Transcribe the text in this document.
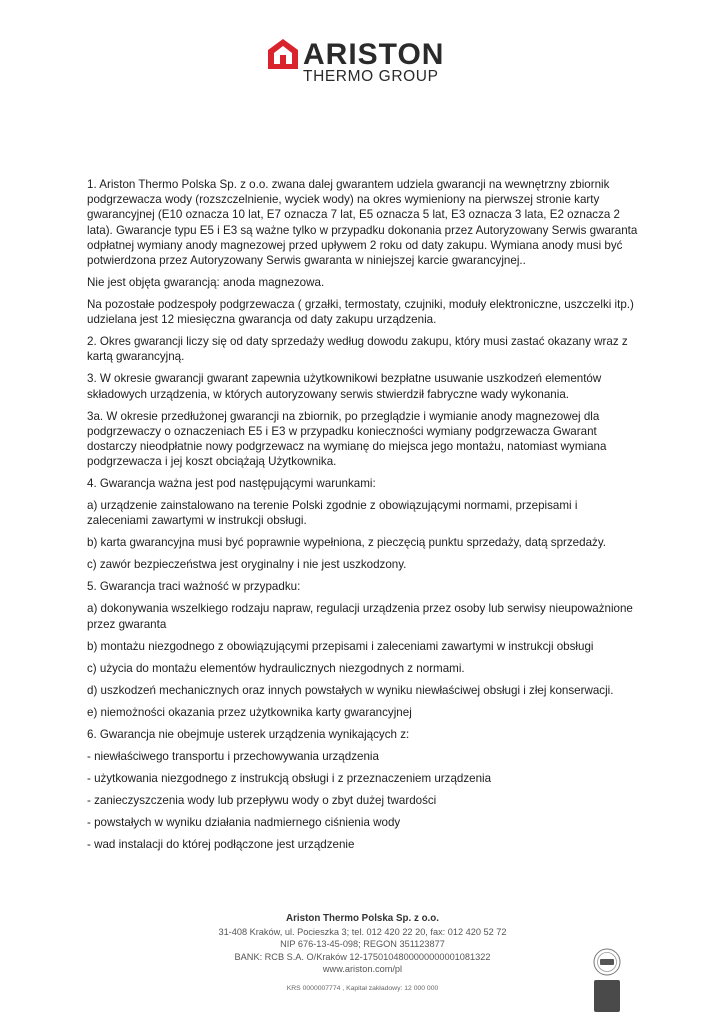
ARISTON
THERMO GROUP

1. Ariston Thermo Polska Sp. z o.o. zwana dalej gwarantem udziela gwarancji na wewnętrzny zbiornik podgrzewacza wody (rozszczelnienie, wyciek wody) na okres wymieniony na pierwszej stronie karty gwarancyjnej (E10 oznacza 10 lat, E7 oznacza 7 lat, E5 oznacza 5 lat, E3 oznacza 3 lata, E2 oznacza 2 lata). Gwarancje typu E5 i E3 są ważne tylko w przypadku dokonania przez Autoryzowany Serwis gwaranta odpłatnej wymiany anody magnezowej przed upływem 2 roku od daty zakupu. Wymiana anody musi być potwierdzona przez Autoryzowany Serwis gwaranta w niniejszej karcie gwarancyjnej..

Nie jest objęta gwarancją: anoda magnezowa.

Na pozostałe podzespoły podgrzewacza ( grzałki, termostaty, czujniki, moduły elektroniczne, uszczelki itp.) udzielana jest 12 miesięczna gwarancja od daty zakupu urządzenia.

2. Okres gwarancji liczy się od daty sprzedaży według dowodu zakupu, który musi zastać okazany wraz z kartą gwarancyjną.

3. W okresie gwarancji gwarant zapewnia użytkownikowi bezpłatne usuwanie uszkodzeń elementów składowych urządzenia, w których autoryzowany serwis stwierdził fabryczne wady wykonania.

3a. W okresie przedłużonej gwarancji na zbiornik, po przeglądzie i wymianie anody magnezowej dla podgrzewaczy o oznaczeniach E5 i E3 w przypadku konieczności wymiany podgrzewacza Gwarant dostarczy nieodpłatnie nowy podgrzewacz na wymianę do miejsca jego montażu, natomiast wymiana podgrzewacza i jej koszt obciążają Użytkownika.

4. Gwarancja ważna jest pod następującymi warunkami:

a) urządzenie zainstalowano na terenie Polski zgodnie z obowiązującymi normami, przepisami i zaleceniami zawartymi w instrukcji obsługi.

b) karta gwarancyjna musi być poprawnie wypełniona, z pieczęcią punktu sprzedaży, datą sprzedaży.

c) zawór bezpieczeństwa jest oryginalny i nie jest uszkodzony.

5. Gwarancja traci ważność w przypadku:

a) dokonywania wszelkiego rodzaju napraw, regulacji urządzenia przez osoby lub serwisy nieupoważnione przez gwaranta

b) montażu niezgodnego z obowiązującymi przepisami i zaleceniami zawartymi w instrukcji obsługi

c) użycia do montażu elementów hydraulicznych niezgodnych z normami.

d) uszkodzeń mechanicznych oraz innych powstałych w wyniku niewłaściwej obsługi i złej konserwacji.

e) niemożności okazania przez użytkownika karty gwarancyjnej

6. Gwarancja nie obejmuje usterek urządzenia wynikających z:

- niewłaściwego transportu i przechowywania urządzenia

- użytkowania niezgodnego z instrukcją obsługi i z przeznaczeniem urządzenia

- zanieczyszczenia wody lub przepływu wody o zbyt dużej twardości

- powstałych w wyniku działania nadmiernego ciśnienia wody

- wad instalacji do której podłączone jest urządzenie

Ariston Thermo Polska Sp. z o.o.
31-408 Kraków, ul. Pocieszka 3; tel. 012 420 22 20, fax: 012 420 52 72
NIP 676-13-45-098; REGON 351123877
BANK: RCB S.A. O/Kraków 12-1750104800000000001081322
www.ariston.com/pl
KRS 0000007774 , Kapitał zakładowy: 12 000 000
